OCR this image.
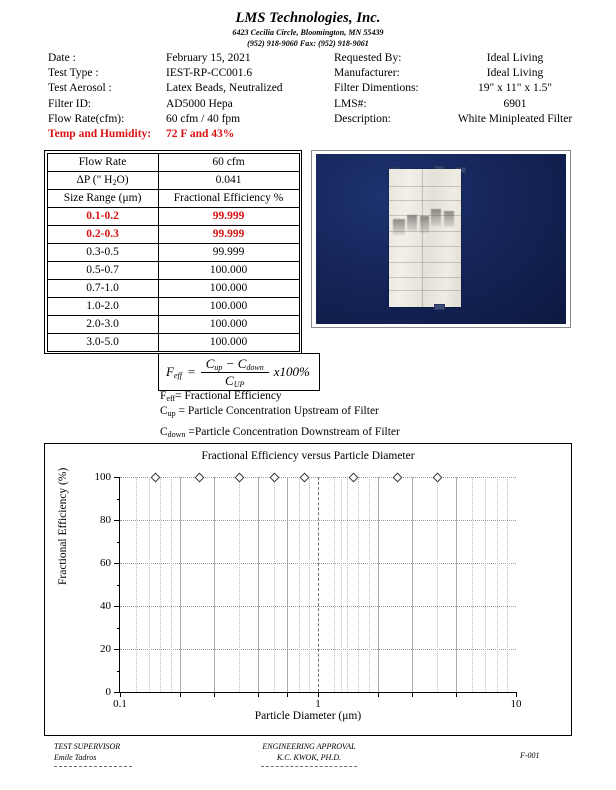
LMS Technologies, Inc.
6423 Cecilia Circle, Bloomington, MN 55439
(952) 918-9060 Fax: (952) 918-9061
Date :	February 15, 2021	Requested By:	Ideal Living
Test Type :	IEST-RP-CC001.6	Manufacturer:	Ideal Living
Test Aerosol :	Latex Beads, Neutralized	Filter Dimentions:	19" x 11" x 1.5"
Filter ID:	AD5000 Hepa	LMS#:	6901
Flow Rate(cfm):	60 cfm / 40 fpm	Description:	White Minipleated Filter
Temp and Humidity:	72 F and 43%
Flow Rate	60 cfm
ΔP (" $H_2O$)	0.041
Size Range (μm)	Fractional Efficiency %
0.1-0.2	99.999
0.2-0.3	99.999
0.3-0.5	99.999
0.5-0.7	100.000
0.7-1.0	100.000
1.0-2.0	100.000
2.0-3.0	100.000
3.0-5.0	100.000
$F_{eff} = \frac{C_{up} - C_{down}}{C_{UP}} x100\%$
$F_{eff}=$ Fractional Efficiency
$C_{up}$ = Particle Concentration Upstream of Filter
$C_{down}$ =Particle Concentration Downstream of Filter
Fractional Efficiency versus Particle Diameter
Fractional Efficiency (%)
Particle Diameter (μm)
0
20
40
60
80
100
0.1	1	10
TEST SUPERVISOR
Emile Tadros
ENGINEERING APPROVAL
K.C. KWOK, PH.D.	F-001
